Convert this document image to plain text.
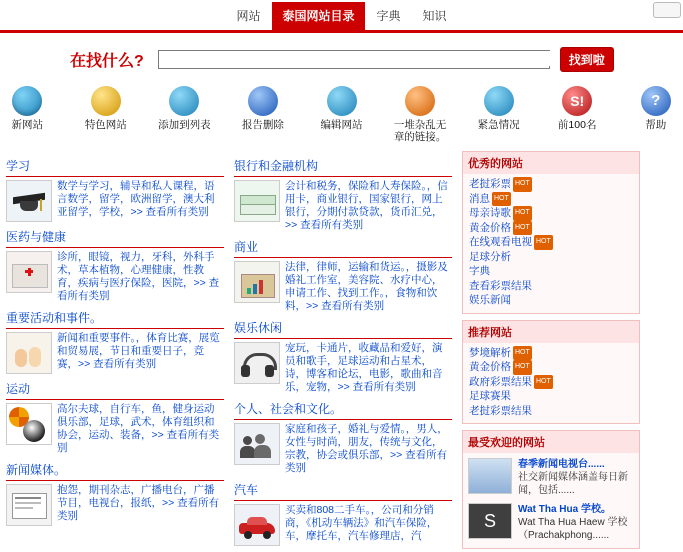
网站	泰国网站目录	字典	知识
在找什么?	找到啦
新网站	特色网站	添加到列表	报告删除	编辑网站	一堆杂乱无章的链接。
紧急情况
S!
前100名
?
帮助
学习
数学与学习，辅导和私人课程，语言数学，留学，欧洲留学，澳大利亚留学，学校，>> 查看所有类别
医药与健康
诊所，眼镜，视力，牙科，外科手术，草本植物，心理健康，性教育，疾病与医疗保险，医院，>> 查看所有类别
重要活动和事件。
新闻和重要事件。，体育比赛，展览和贸易展，节日和重要日子，竞赛，>> 查看所有类别
运动
高尔夫球，自行车，鱼，健身运动俱乐部，足球，武术，体育组织和协会，运动、装备，>> 查看所有类别
新闻媒体。
抱怨，期刊杂志，广播电台，广播节目，电视台，报纸，>> 查看所有类别
银行和金融机构
会计和税务，保险和人寿保险。，信用卡，商业银行，国家银行，网上银行，分期付款贷款，货币汇兑，>> 查看所有类别
商业
法律，律师，运输和货运。，摄影及婚礼工作室，美容院、水疗中心，申请工作、找到工作。，食物和饮料，>> 查看所有类别
娱乐休闲
宠玩，卡通片，收藏品和爱好，演员和歌手，足球运动和占星术，诗，博客和论坛，电影，歌曲和音乐，宠物，>> 查看所有类别
个人、社会和文化。
家庭和孩子，婚礼与爱情。，男人，女性与时尚，朋友，传统与文化，宗教，协会或俱乐部，>> 查看所有类别
汽车
买卖和808二手车。，公司和分销商，《机动车辆法》和汽车保险，车，摩托车，汽车修理店，汽
优秀的网站
老挝彩票 HOT
消息 HOT
母亲诗歌 HOT
黄金价格 HOT
在线观看电视 HOT
足球分析
字典
查看彩票结果
娱乐新闻
推荐网站
梦境解析 HOT
黄金价格 HOT
政府彩票结果 HOT
足球赛果
老挝彩票结果
最受欢迎的网站
春季新闻电视台......
社交新闻媒体涵盖每日新闻，包括......
S
Wat Tha Hua 学校。
Wat Tha Hua Haew 学校（Prachakphong......
